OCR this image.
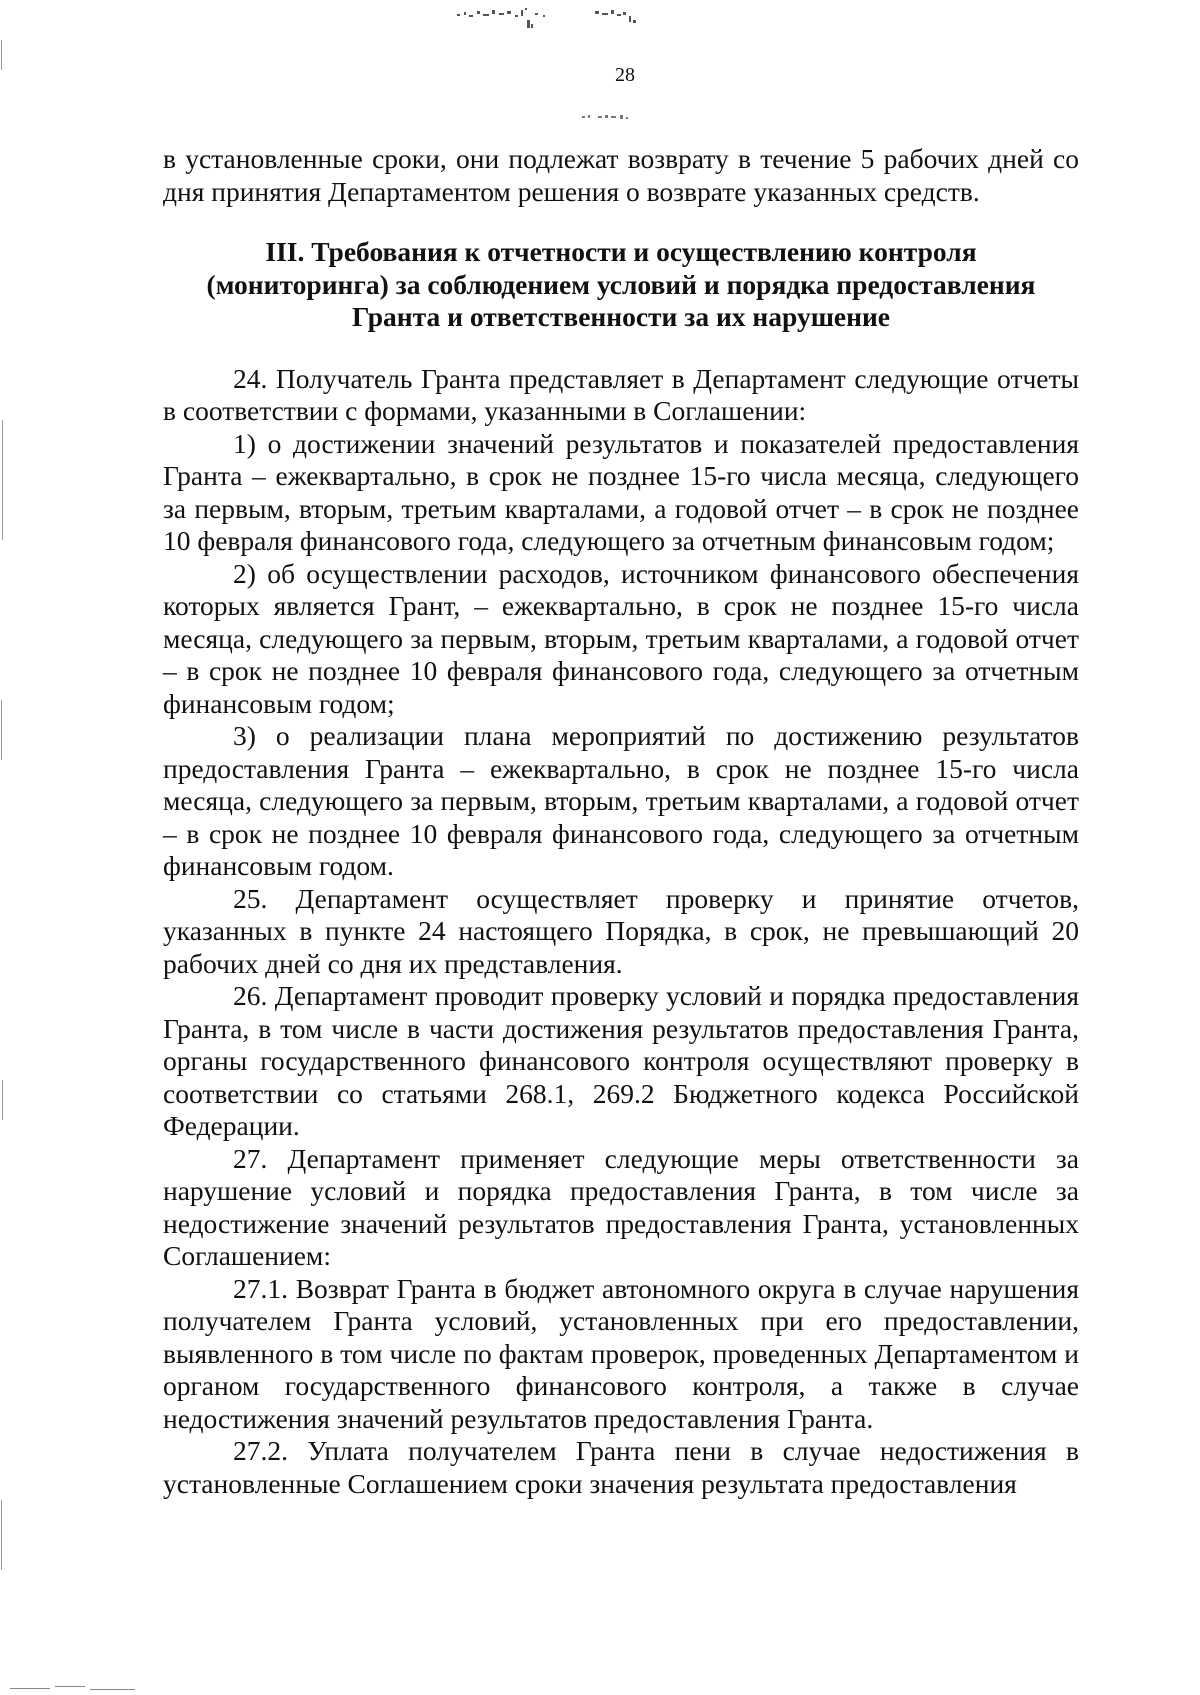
28

в установленные сроки, они подлежат возврату в течение 5 рабочих дней со дня принятия Департаментом решения о возврате указанных средств.

III. Требования к отчетности и осуществлению контроля
(мониторинга) за соблюдением условий и порядка предоставления
Гранта и ответственности за их нарушение

24. Получатель Гранта представляет в Департамент следующие отчеты в соответствии с формами, указанными в Соглашении:

1) о достижении значений результатов и показателей предоставления Гранта – ежеквартально, в срок не позднее 15-го числа месяца, следующего за первым, вторым, третьим кварталами, а годовой отчет – в срок не позднее 10 февраля финансового года, следующего за отчетным финансовым годом;

2) об осуществлении расходов, источником финансового обеспечения которых является Грант, – ежеквартально, в срок не позднее 15-го числа месяца, следующего за первым, вторым, третьим кварталами, а годовой отчет – в срок не позднее 10 февраля финансового года, следующего за отчетным финансовым годом;

3) о реализации плана мероприятий по достижению результатов предоставления Гранта – ежеквартально, в срок не позднее 15-го числа месяца, следующего за первым, вторым, третьим кварталами, а годовой отчет – в срок не позднее 10 февраля финансового года, следующего за отчетным финансовым годом.

25. Департамент осуществляет проверку и принятие отчетов, указанных в пункте 24 настоящего Порядка, в срок, не превышающий 20 рабочих дней со дня их представления.

26. Департамент проводит проверку условий и порядка предоставления Гранта, в том числе в части достижения результатов предоставления Гранта, органы государственного финансового контроля осуществляют проверку в соответствии со статьями 268.1, 269.2 Бюджетного кодекса Российской Федерации.

27. Департамент применяет следующие меры ответственности за нарушение условий и порядка предоставления Гранта, в том числе за недостижение значений результатов предоставления Гранта, установленных Соглашением:

27.1. Возврат Гранта в бюджет автономного округа в случае нарушения получателем Гранта условий, установленных при его предоставлении, выявленного в том числе по фактам проверок, проведенных Департаментом и органом государственного финансового контроля, а также в случае недостижения значений результатов предоставления Гранта.

27.2. Уплата получателем Гранта пени в случае недостижения в установленные Соглашением сроки значения результата предоставления
